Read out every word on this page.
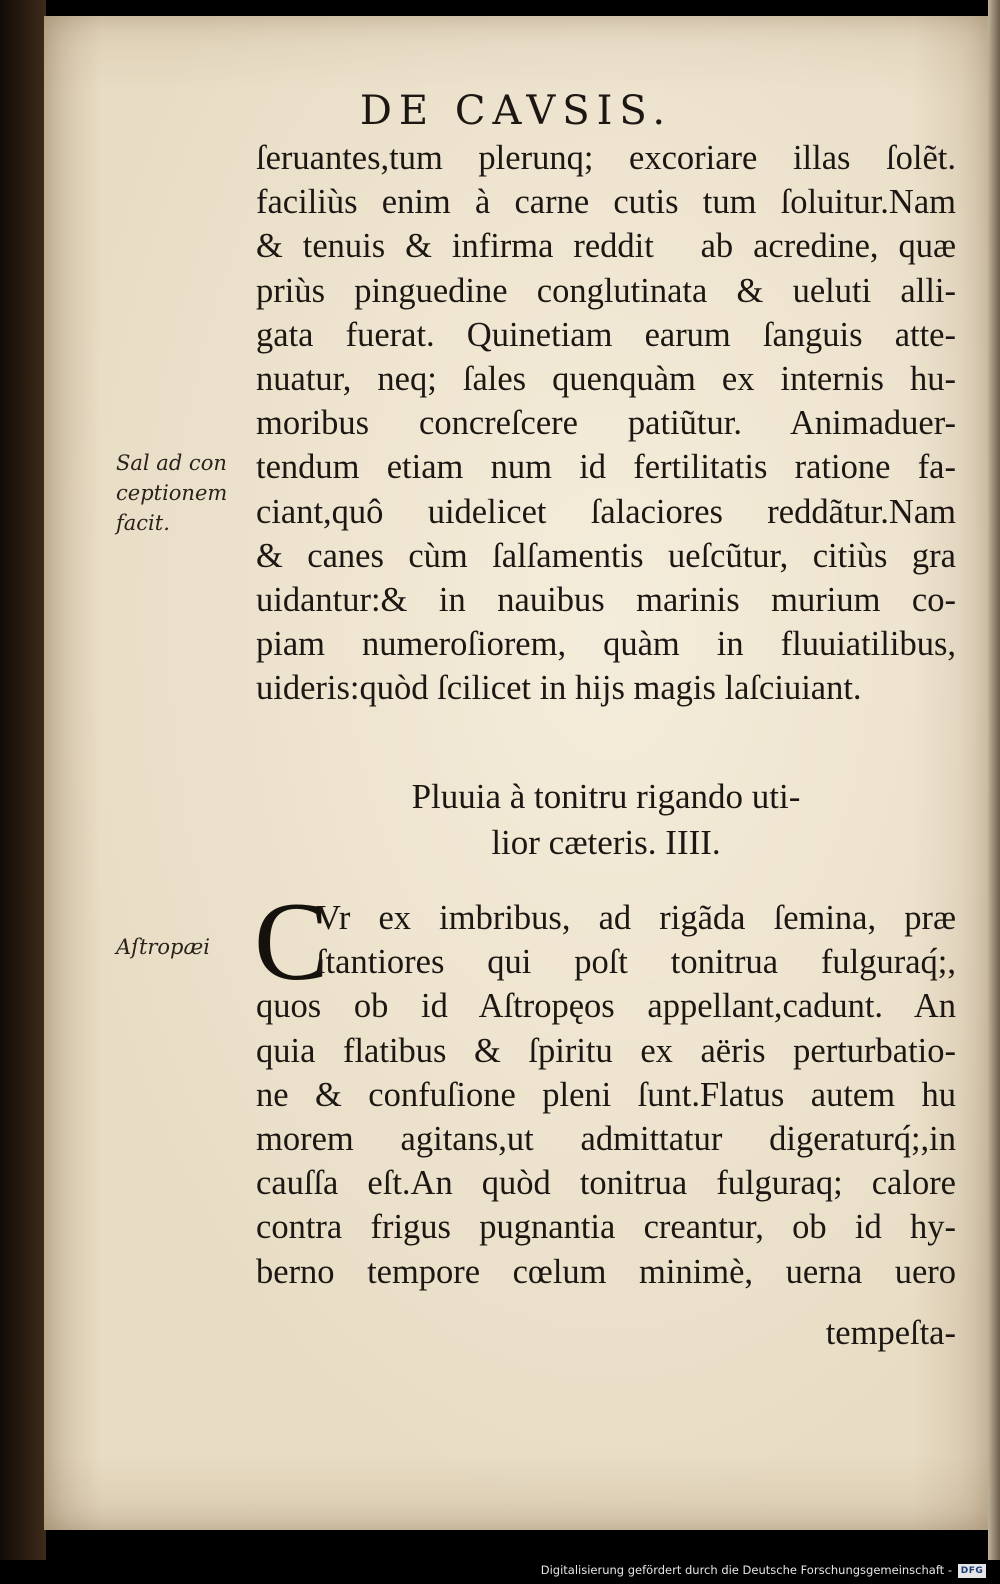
DE CAVSIS.
ſeruantes,tum plerunq; excoriare illas ſolẽt.
faciliùs enim à carne cutis tum ſoluitur.Nam
& tenuis & infirma redditᷣ ab acredine, quæ
priùs pinguedine conglutinata & ueluti alli-
gata fuerat. Quinetiam earum ſanguis atte-
nuatur, neq; ſales quenquàm ex internis hu-
moribus concreſcere patiũtur. Animaduer-
tendum etiam num id fertilitatis ratione fa-
ciant,quô uidelicet ſalaciores reddãtur.Nam
& canes cùm ſalſamentis ueſcũtur, citiùs gra
uidantur:& in nauibus marinis murium co-
piam numeroſiorem, quàm in fluuiatilibus,
uideris:quòd ſcilicet in hijs magis laſciuiant.
Sal ad con
ceptionem
facit.
Pluuia à tonitru rigando uti-
lior cæteris. IIII.
C
Aſtropæi
Vr ex imbribus, ad rigãda ſemina, præ
ſtantiores qui poſt tonitrua fulguraq́;,
quos ob id Aſtropęos appellant,cadunt. An
quia flatibus & ſpiritu ex aëris perturbatio-
ne & confuſione pleni ſunt.Flatus autem hu
morem agitans,ut admittatur digeraturq́;,in
cauſſa eſt.An quòd tonitrua fulguraq; calore
contra frigus pugnantia creantur, ob id hy-
berno tempore cœlum minimè, uerna uero
tempeſta-
Digitalisierung gefördert durch die Deutsche Forschungsgemeinschaft - DFG
